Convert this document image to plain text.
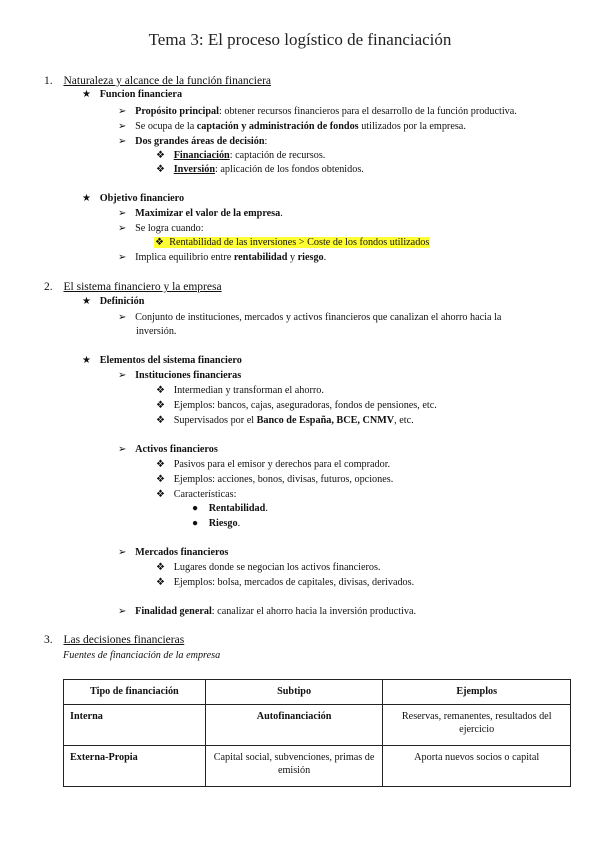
Tema 3: El proceso logístico de financiación
1. Naturaleza y alcance de la función financiera
★ Funcion financiera
➢ Propósito principal: obtener recursos financieros para el desarrollo de la función productiva.
➢ Se ocupa de la captación y administración de fondos utilizados por la empresa.
➢ Dos grandes áreas de decisión:
❖ Financiación: captación de recursos.
❖ Inversión: aplicación de los fondos obtenidos.
★ Objetivo financiero
➢ Maximizar el valor de la empresa.
➢ Se logra cuando:
❖ Rentabilidad de las inversiones > Coste de los fondos utilizados
➢ Implica equilibrio entre rentabilidad y riesgo.
2. El sistema financiero y la empresa
★ Definición
➢ Conjunto de instituciones, mercados y activos financieros que canalizan el ahorro hacia la
inversión.
★ Elementos del sistema financiero
➢ Instituciones financieras
❖ Intermedian y transforman el ahorro.
❖ Ejemplos: bancos, cajas, aseguradoras, fondos de pensiones, etc.
❖ Supervisados por el Banco de España, BCE, CNMV, etc.
➢ Activos financieros
❖ Pasivos para el emisor y derechos para el comprador.
❖ Ejemplos: acciones, bonos, divisas, futuros, opciones.
❖ Características:
● Rentabilidad.
● Riesgo.
➢ Mercados financieros
❖ Lugares donde se negocian los activos financieros.
❖ Ejemplos: bolsa, mercados de capitales, divisas, derivados.
➢ Finalidad general: canalizar el ahorro hacia la inversión productiva.
3. Las decisiones financieras
Fuentes de financiación de la empresa
Tipo de financiación	Subtipo	Ejemplos
Interna	Autofinanciación	Reservas, remanentes, resultados del ejercicio
Externa-Propia	Capital social, subvenciones, primas de emisión	Aporta nuevos socios o capital
